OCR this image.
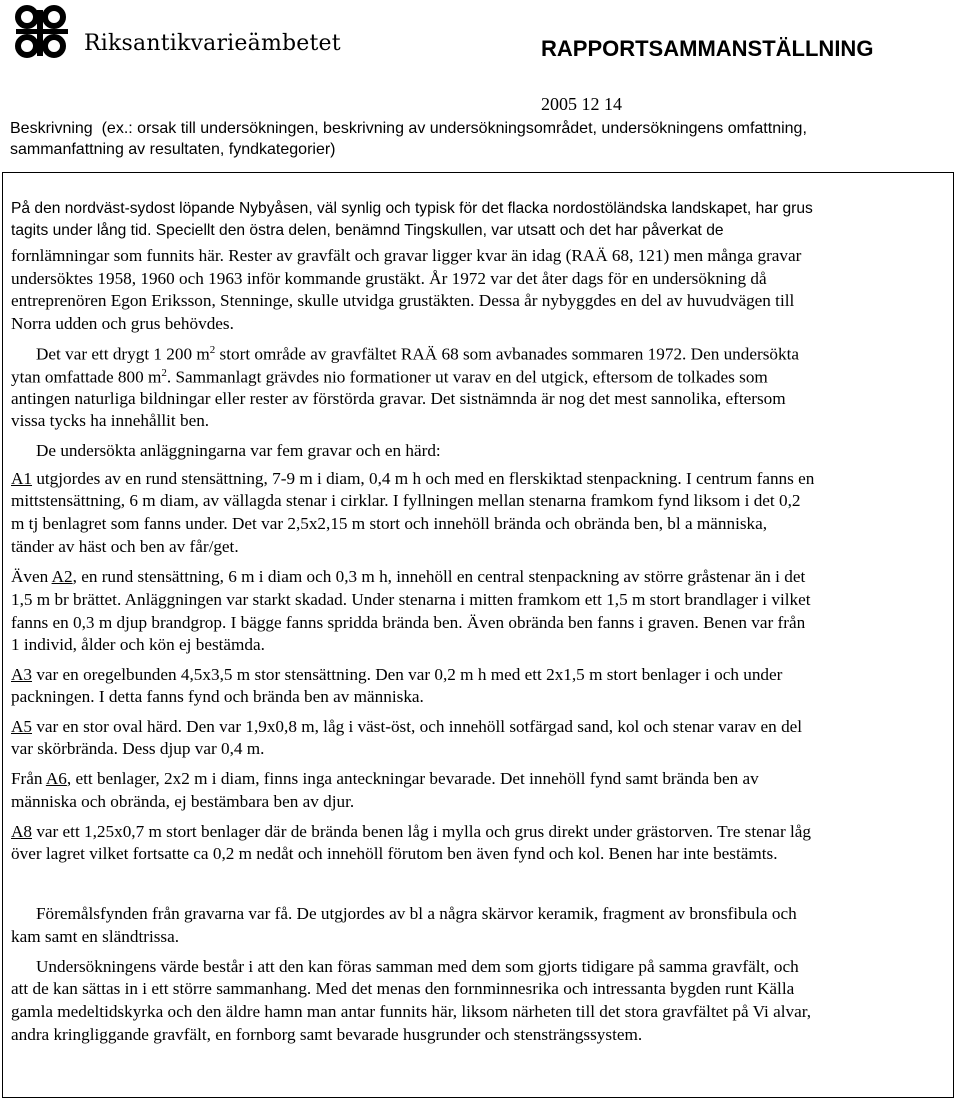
Riksantikvarieämbetet	RAPPORTSAMMANSTÄLLNING
2005 12 14
Beskrivning (ex.: orsak till undersökningen, beskrivning av undersökningsområdet, undersökningens omfattning,
sammanfattning av resultaten, fyndkategorier)
På den nordväst-sydost löpande Nybyåsen, väl synlig och typisk för det flacka nordostöländska landskapet, har grus
tagits under lång tid. Speciellt den östra delen, benämnd Tingskullen, var utsatt och det har påverkat de
fornlämningar som funnits här. Rester av gravfält och gravar ligger kvar än idag (RAÄ 68, 121) men många gravar
undersöktes 1958, 1960 och 1963 inför kommande grustäkt. År 1972 var det åter dags för en undersökning då
entreprenören Egon Eriksson, Stenninge, skulle utvidga grustäkten. Dessa år nybyggdes en del av huvudvägen till
Norra udden och grus behövdes.
Det var ett drygt 1 200 $m^2$ stort område av gravfältet RAÄ 68 som avbanades sommaren 1972. Den undersökta
ytan omfattade 800 $m^2$. Sammanlagt grävdes nio formationer ut varav en del utgick, eftersom de tolkades som
antingen naturliga bildningar eller rester av förstörda gravar. Det sistnämnda är nog det mest sannolika, eftersom
vissa tycks ha innehållit ben.
De undersökta anläggningarna var fem gravar och en härd:
A1 utgjordes av en rund stensättning, 7-9 m i diam, 0,4 m h och med en flerskiktad stenpackning. I centrum fanns en
mittstensättning, 6 m diam, av vällagda stenar i cirklar. I fyllningen mellan stenarna framkom fynd liksom i det 0,2
m tj benlagret som fanns under. Det var 2,5x2,15 m stort och innehöll brända och obrända ben, bl a människa,
tänder av häst och ben av får/get.
Även A2, en rund stensättning, 6 m i diam och 0,3 m h, innehöll en central stenpackning av större gråstenar än i det
1,5 m br brättet. Anläggningen var starkt skadad. Under stenarna i mitten framkom ett 1,5 m stort brandlager i vilket
fanns en 0,3 m djup brandgrop. I bägge fanns spridda brända ben. Även obrända ben fanns i graven. Benen var från
1 individ, ålder och kön ej bestämda.
A3 var en oregelbunden 4,5x3,5 m stor stensättning. Den var 0,2 m h med ett 2x1,5 m stort benlager i och under
packningen. I detta fanns fynd och brända ben av människa.
A5 var en stor oval härd. Den var 1,9x0,8 m, låg i väst-öst, och innehöll sotfärgad sand, kol och stenar varav en del
var skörbrända. Dess djup var 0,4 m.
Från A6, ett benlager, 2x2 m i diam, finns inga anteckningar bevarade. Det innehöll fynd samt brända ben av
människa och obrända, ej bestämbara ben av djur.
A8 var ett 1,25x0,7 m stort benlager där de brända benen låg i mylla och grus direkt under grästorven. Tre stenar låg
över lagret vilket fortsatte ca 0,2 m nedåt och innehöll förutom ben även fynd och kol. Benen har inte bestämts.
Föremålsfynden från gravarna var få. De utgjordes av bl a några skärvor keramik, fragment av bronsfibula och
kam samt en sländtrissa.
Undersökningens värde består i att den kan föras samman med dem som gjorts tidigare på samma gravfält, och
att de kan sättas in i ett större sammanhang. Med det menas den fornminnesrika och intressanta bygden runt Källa
gamla medeltidskyrka och den äldre hamn man antar funnits här, liksom närheten till det stora gravfältet på Vi alvar,
andra kringliggande gravfält, en fornborg samt bevarade husgrunder och stensträngssystem.
